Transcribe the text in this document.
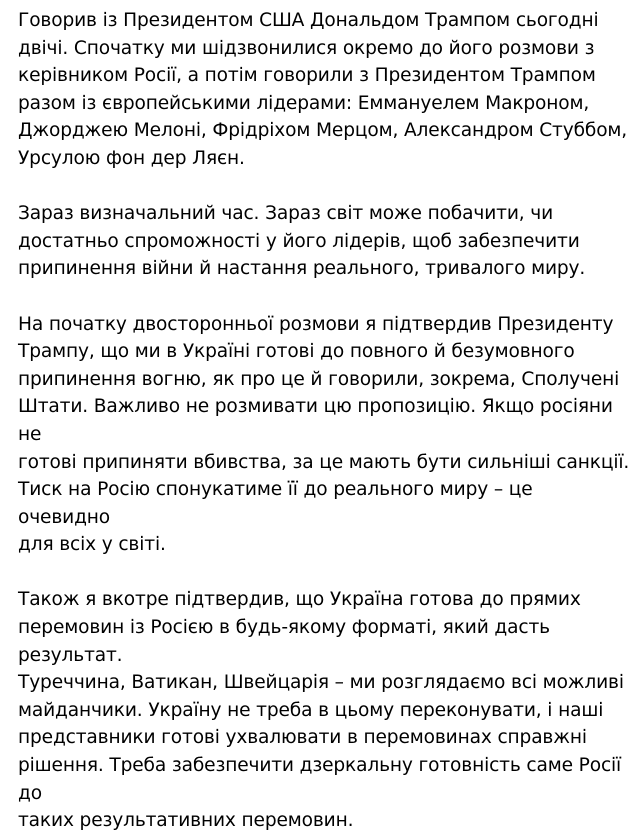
Говорив із Президентом США Дональдом Трампом сьогодні
двічі. Спочатку ми шідзвонилися окремо до його розмови з
керівником Росії, а потім говорили з Президентом Трампом
разом із європейськими лідерами: Еммануелем Макроном,
Джорджею Мелоні, Фрідріхом Мерцом, Александром Стуббом,
Урсулою фон дер Ляєн.

Зараз визначальний час. Зараз світ може побачити, чи
достатньо спроможності у його лідерів, щоб забезпечити
припинення війни й настання реального, тривалого миру.

На початку двосторонньої розмови я підтвердив Президенту
Трампу, що ми в Україні готові до повного й безумовного
припинення вогню, як про це й говорили, зокрема, Сполучені
Штати. Важливо не розмивати цю пропозицію. Якщо росіяни не
готові припиняти вбивства, за це мають бути сильніші санкції.
Тиск на Росію спонукатиме її до реального миру – це очевидно
для всіх у світі.

Також я вкотре підтвердив, що Україна готова до прямих
перемовин із Росією в будь-якому форматі, який дасть результат.
Туреччина, Ватикан, Швейцарія – ми розглядаємо всі можливі
майданчики. Україну не треба в цьому переконувати, і наші
представники готові ухвалювати в перемовинах справжні
рішення. Треба забезпечити дзеркальну готовність саме Росії до
таких результативних перемовин.
